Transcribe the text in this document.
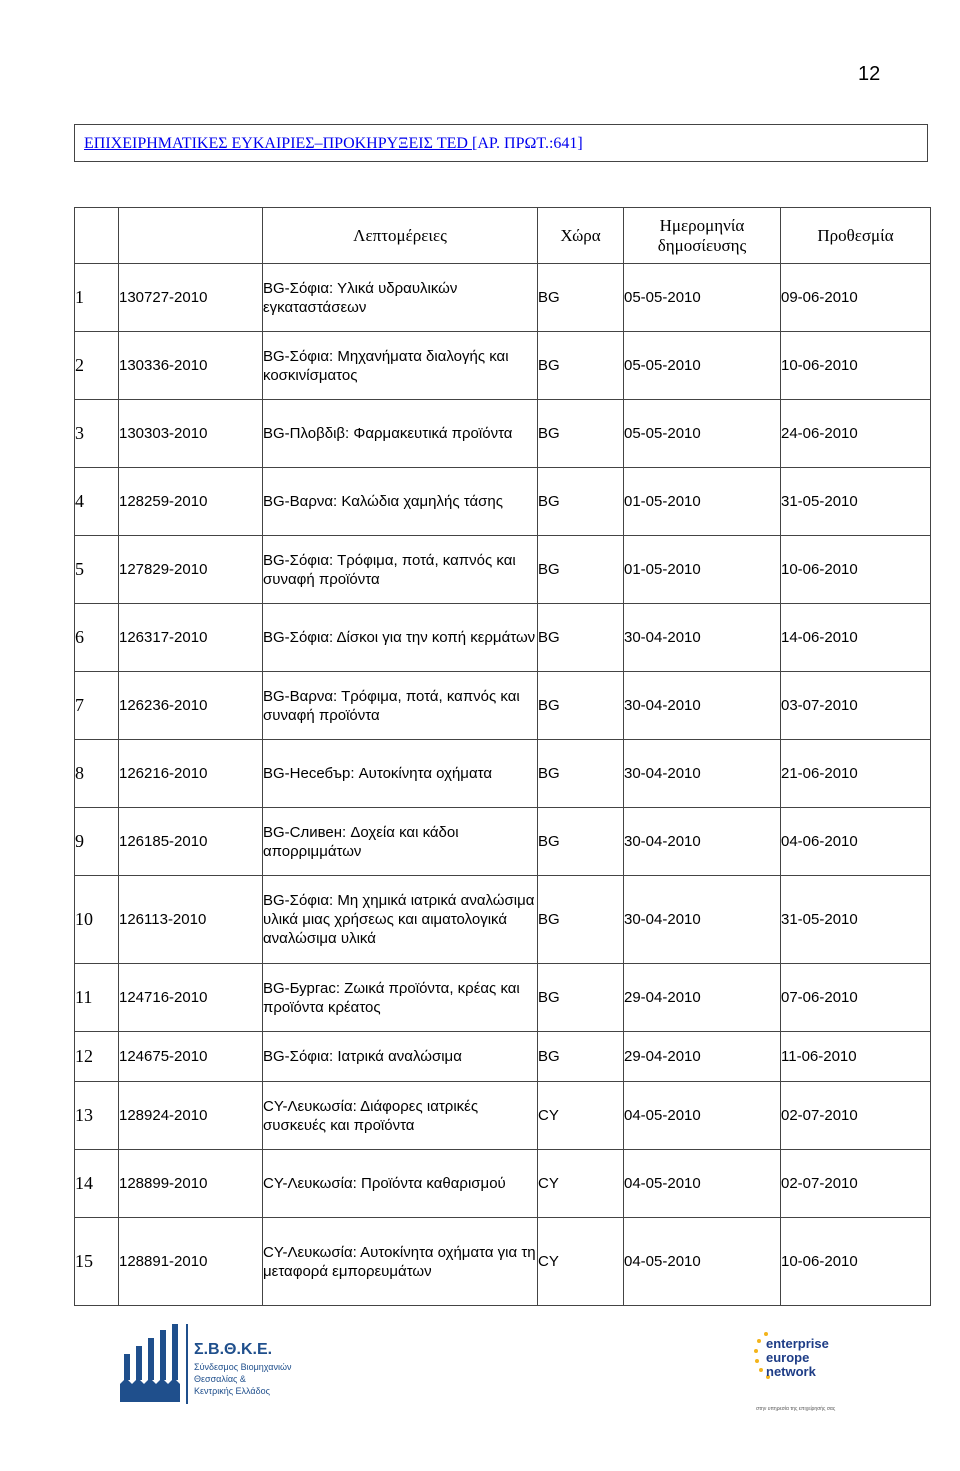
12
ΕΠΙΧΕΙΡΗΜΑΤΙΚΕΣ ΕΥΚΑΙΡΙΕΣ–ΠΡΟΚΗΡΥΞΕΙΣ TED [ΑΡ. ΠΡΩΤ.:641]
		Λεπτομέρειες	Χώρα	Ημερομηνία δημοσίευσης	Προθεσμία
1	130727-2010	BG-Σόφια: Υλικά υδραυλικών εγκαταστάσεων	BG	05-05-2010	09-06-2010
2	130336-2010	BG-Σόφια: Μηχανήματα διαλογής και κοσκινίσματος	BG	05-05-2010	10-06-2010
3	130303-2010	BG-Πλοβδιβ: Φαρμακευτικά προϊόντα	BG	05-05-2010	24-06-2010
4	128259-2010	BG-Βαρνα: Καλώδια χαμηλής τάσης	BG	01-05-2010	31-05-2010
5	127829-2010	BG-Σόφια: Τρόφιμα, ποτά, καπνός και συναφή προϊόντα	BG	01-05-2010	10-06-2010
6	126317-2010	BG-Σόφια: Δίσκοι για την κοπή κερμάτων	BG	30-04-2010	14-06-2010
7	126236-2010	BG-Βαρνα: Τρόφιμα, ποτά, καπνός και συναφή προϊόντα	BG	30-04-2010	03-07-2010
8	126216-2010	BG-Несебър: Αυτοκίνητα οχήματα	BG	30-04-2010	21-06-2010
9	126185-2010	BG-Сливен: Δοχεία και κάδοι απορριμμάτων	BG	30-04-2010	04-06-2010
10	126113-2010	BG-Σόφια: Μη χημικά ιατρικά αναλώσιμα υλικά μιας χρήσεως και αιματολογικά αναλώσιμα υλικά	BG	30-04-2010	31-05-2010
11	124716-2010	BG-Бургас: Ζωικά προϊόντα, κρέας και προϊόντα κρέατος	BG	29-04-2010	07-06-2010
12	124675-2010	BG-Σόφια: Ιατρικά αναλώσιμα	BG	29-04-2010	11-06-2010
13	128924-2010	CY-Λευκωσία: Διάφορες ιατρικές συσκευές και προϊόντα	CY	04-05-2010	02-07-2010
14	128899-2010	CY-Λευκωσία: Προϊόντα καθαρισμού	CY	04-05-2010	02-07-2010
15	128891-2010	CY-Λευκωσία: Αυτοκίνητα οχήματα για τη μεταφορά εμπορευμάτων	CY	04-05-2010	10-06-2010
Σ.Β.Θ.Κ.Ε.
Σύνδεσμος Βιομηχανιών
Θεσσαλίας &
Κεντρικής Ελλάδος
enterprise
europe
network
στην υπηρεσία της επιχείρησής σας
